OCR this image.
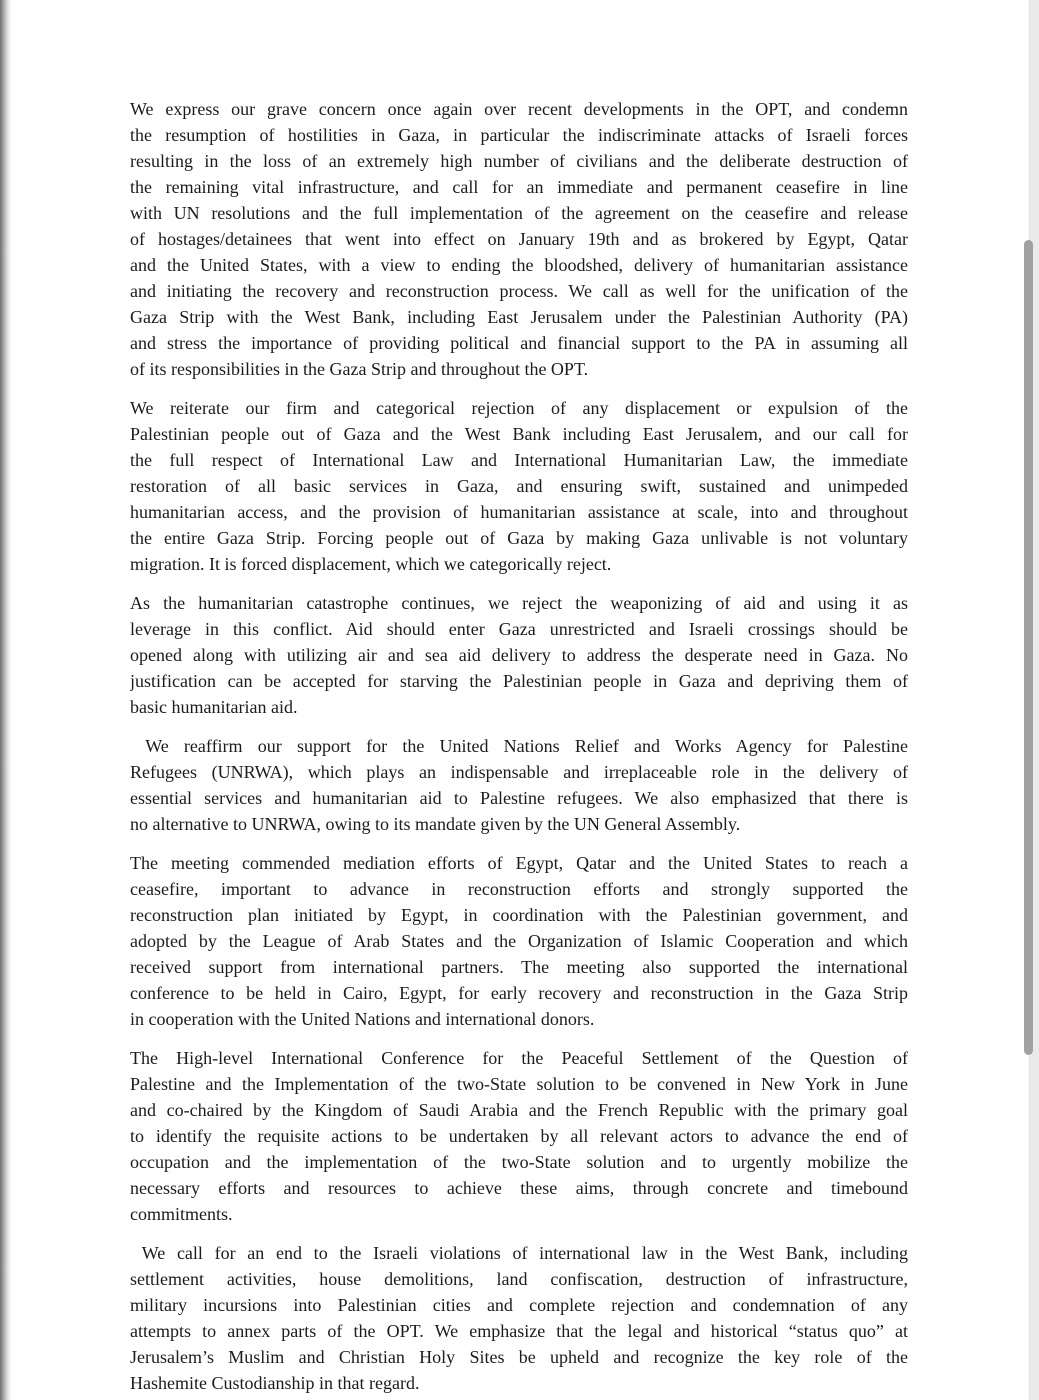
We express our grave concern once again over recent developments in the OPT, and condemn
the resumption of hostilities in Gaza, in particular the indiscriminate attacks of Israeli forces
resulting in the loss of an extremely high number of civilians and the deliberate destruction of
the remaining vital infrastructure, and call for an immediate and permanent ceasefire in line
with UN resolutions and the full implementation of the agreement on the ceasefire and release
of hostages/detainees that went into effect on January 19th and as brokered by Egypt, Qatar
and the United States, with a view to ending the bloodshed, delivery of humanitarian assistance
and initiating the recovery and reconstruction process. We call as well for the unification of the
Gaza Strip with the West Bank, including East Jerusalem under the Palestinian Authority (PA)
and stress the importance of providing political and financial support to the PA in assuming all
of its responsibilities in the Gaza Strip and throughout the OPT.

We reiterate our firm and categorical rejection of any displacement or expulsion of the
Palestinian people out of Gaza and the West Bank including East Jerusalem, and our call for
the full respect of International Law and International Humanitarian Law, the immediate
restoration of all basic services in Gaza, and ensuring swift, sustained and unimpeded
humanitarian access, and the provision of humanitarian assistance at scale, into and throughout
the entire Gaza Strip. Forcing people out of Gaza by making Gaza unlivable is not voluntary
migration. It is forced displacement, which we categorically reject.

As the humanitarian catastrophe continues, we reject the weaponizing of aid and using it as
leverage in this conflict. Aid should enter Gaza unrestricted and Israeli crossings should be
opened along with utilizing air and sea aid delivery to address the desperate need in Gaza. No
justification can be accepted for starving the Palestinian people in Gaza and depriving them of
basic humanitarian aid.

We reaffirm our support for the United Nations Relief and Works Agency for Palestine
Refugees (UNRWA), which plays an indispensable and irreplaceable role in the delivery of
essential services and humanitarian aid to Palestine refugees. We also emphasized that there is
no alternative to UNRWA, owing to its mandate given by the UN General Assembly.

The meeting commended mediation efforts of Egypt, Qatar and the United States to reach a
ceasefire, important to advance in reconstruction efforts and strongly supported the
reconstruction plan initiated by Egypt, in coordination with the Palestinian government, and
adopted by the League of Arab States and the Organization of Islamic Cooperation and which
received support from international partners. The meeting also supported the international
conference to be held in Cairo, Egypt, for early recovery and reconstruction in the Gaza Strip
in cooperation with the United Nations and international donors.

The High-level International Conference for the Peaceful Settlement of the Question of
Palestine and the Implementation of the two-State solution to be convened in New York in June
and co-chaired by the Kingdom of Saudi Arabia and the French Republic with the primary goal
to identify the requisite actions to be undertaken by all relevant actors to advance the end of
occupation and the implementation of the two-State solution and to urgently mobilize the
necessary efforts and resources to achieve these aims, through concrete and timebound
commitments.

We call for an end to the Israeli violations of international law in the West Bank, including
settlement activities, house demolitions, land confiscation, destruction of infrastructure,
military incursions into Palestinian cities and complete rejection and condemnation of any
attempts to annex parts of the OPT. We emphasize that the legal and historical “status quo” at
Jerusalem’s Muslim and Christian Holy Sites be upheld and recognize the key role of the
Hashemite Custodianship in that regard.
